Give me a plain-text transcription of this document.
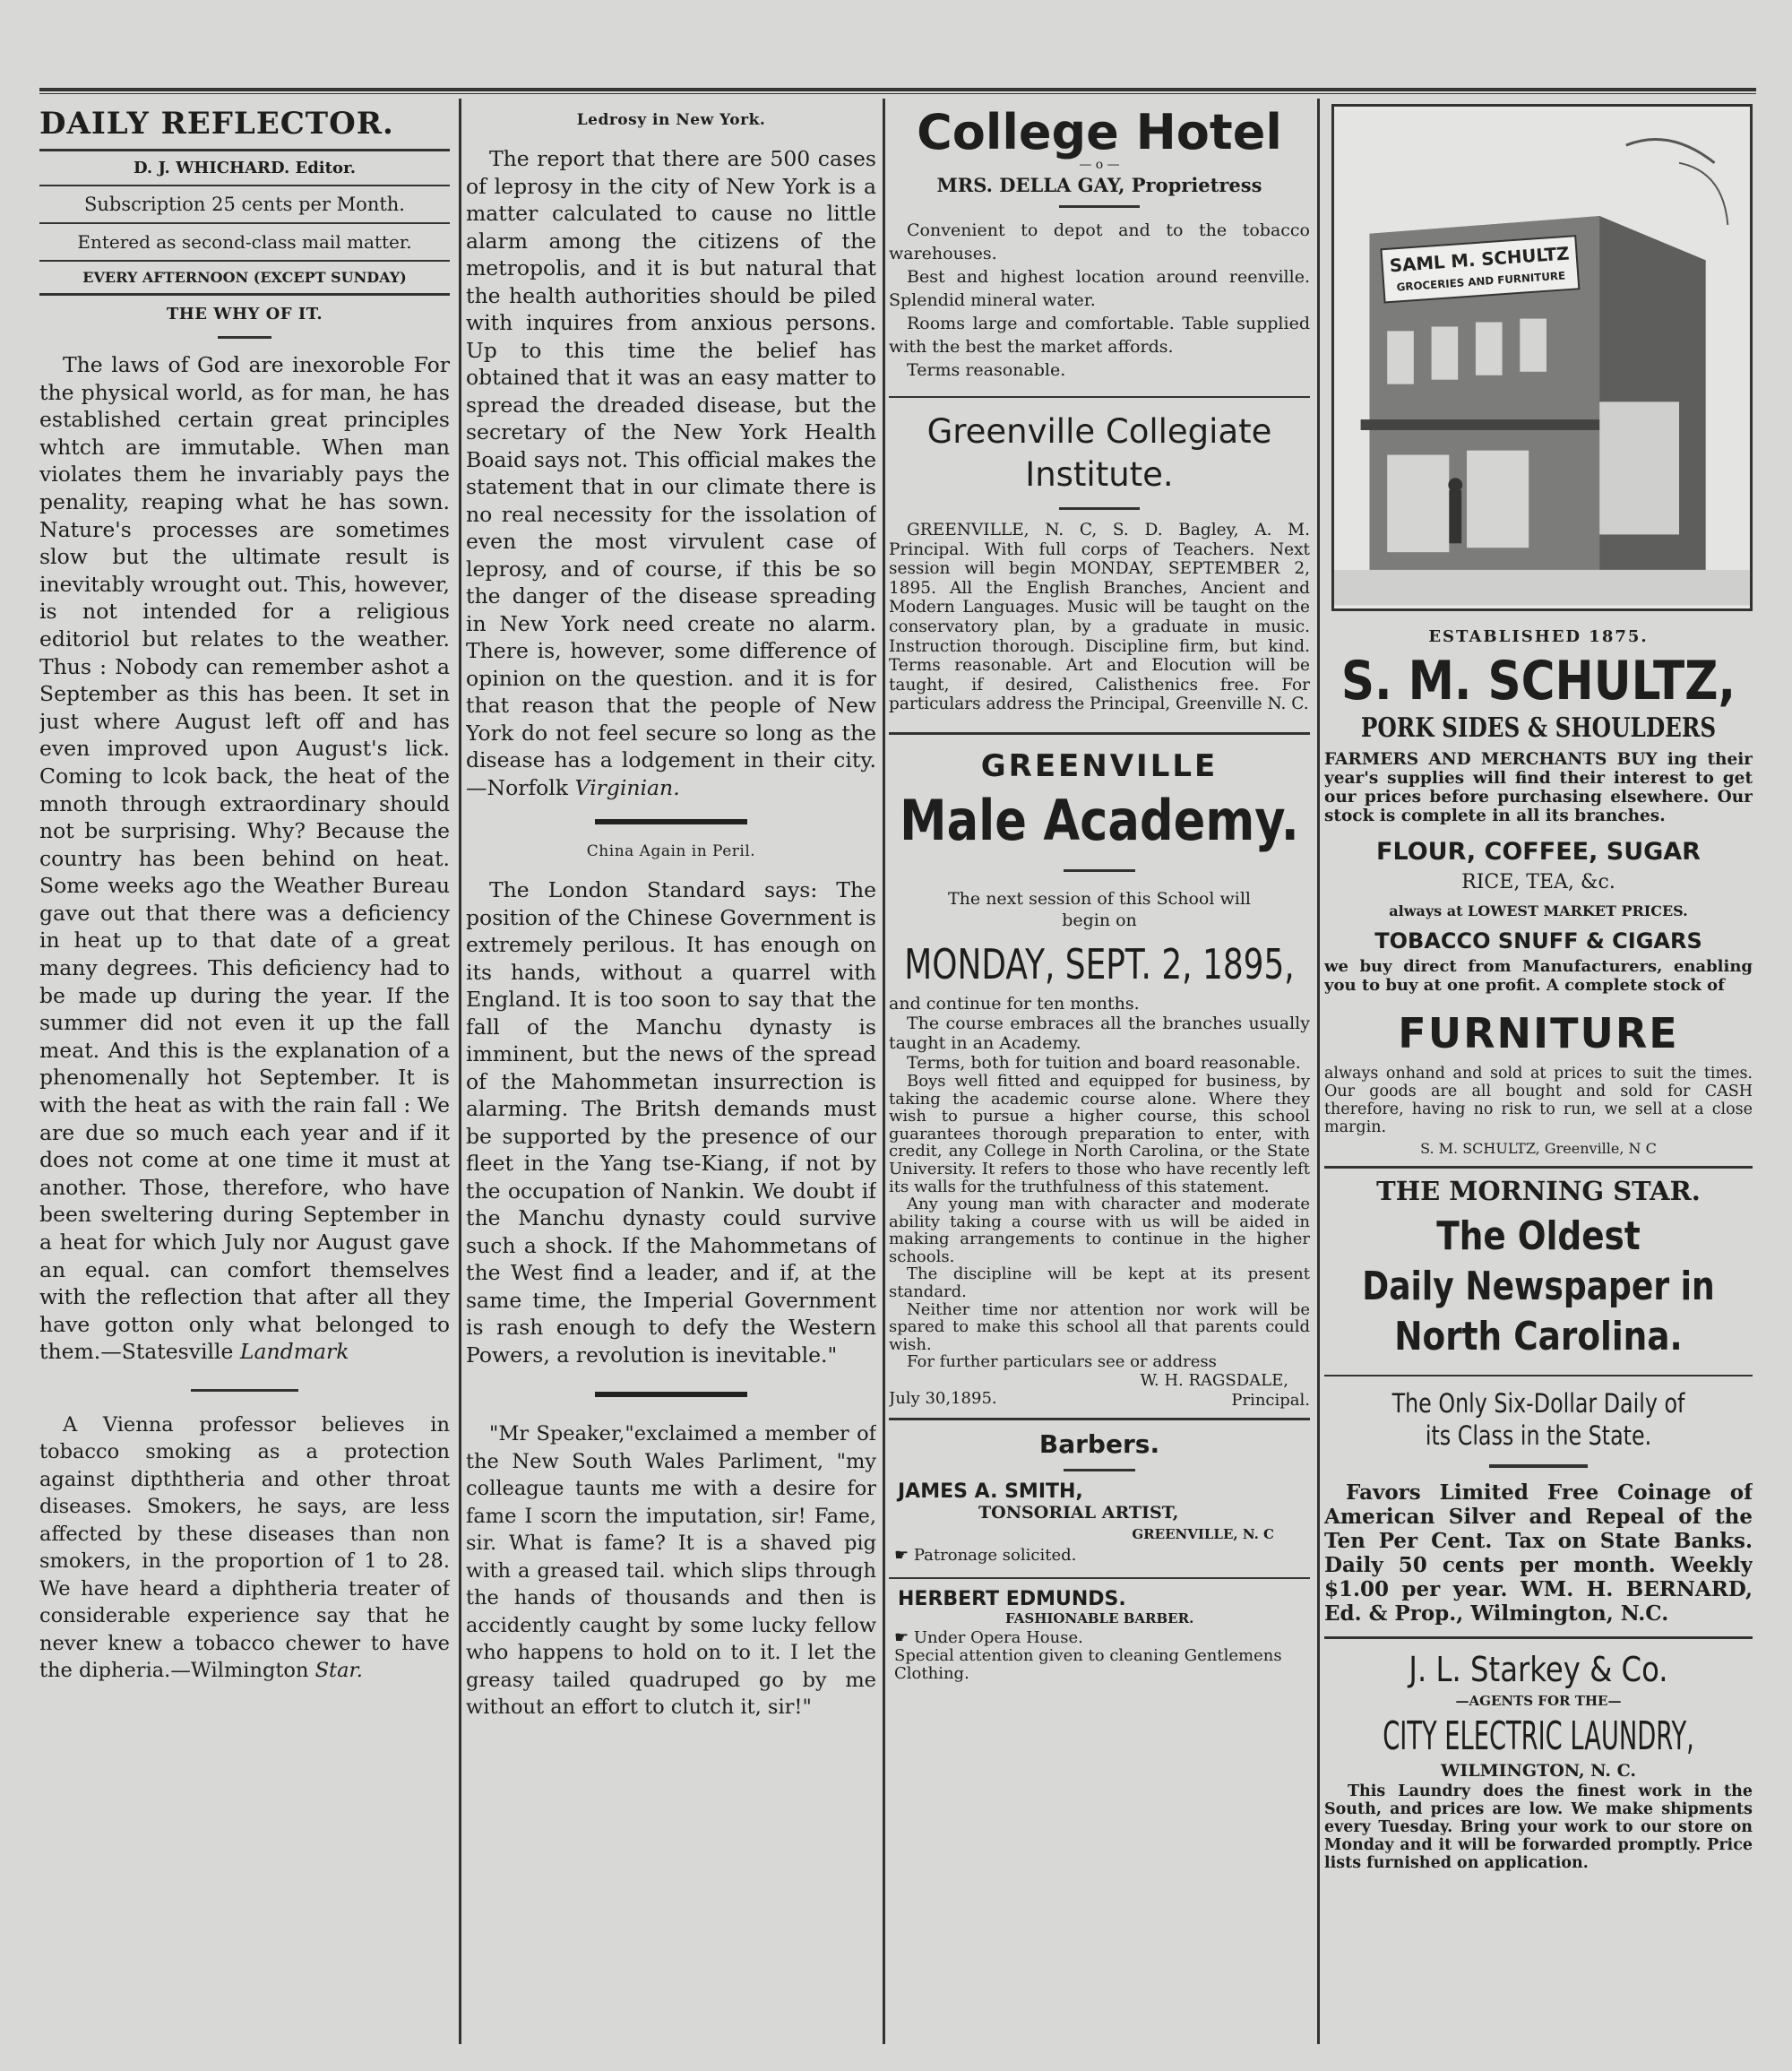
DAILY REFLECTOR.
D. J. WHICHARD. Editor.
Subscription 25 cents per Month.
Entered as second-class mail matter.
EVERY AFTERNOON (EXCEPT SUNDAY)
THE WHY OF IT.

The laws of God are inexoroble For the physical world, as for man, he has established certain great principles whtch are immutable. When man violates them he invariably pays the penality, reaping what he has sown. Nature's processes are sometimes slow but the ultimate result is inevitably wrought out. This, however, is not intended for a religious editoriol but relates to the weather. Thus : Nobody can remember ashot a September as this has been. It set in just where August left off and has even improved upon August's lick. Coming to lcok back, the heat of the mnoth through extraordinary should not be surprising. Why? Because the country has been behind on heat. Some weeks ago the Weather Bureau gave out that there was a deficiency in heat up to that date of a great many degrees. This deficiency had to be made up during the year. If the summer did not even it up the fall meat. And this is the explanation of a phenomenally hot September. It is with the heat as with the rain fall : We are due so much each year and if it does not come at one time it must at another. Those, therefore, who have been sweltering during September in a heat for which July nor August gave an equal. can comfort themselves with the reflection that after all they have gotton only what belonged to them.—Statesville Landmark

A Vienna professor believes in tobacco smoking as a protection against dipththeria and other throat diseases. Smokers, he says, are less affected by these diseases than non smokers, in the proportion of 1 to 28. We have heard a diphtheria treater of considerable experience say that he never knew a tobacco chewer to have the dipheria.—Wilmington Star.

Ledrosy in New York.

The report that there are 500 cases of leprosy in the city of New York is a matter calculated to cause no little alarm among the citizens of the metropolis, and it is but natural that the health authorities should be piled with inquires from anxious persons. Up to this time the belief has obtained that it was an easy matter to spread the dreaded disease, but the secretary of the New York Health Boaid says not. This official makes the statement that in our climate there is no real necessity for the issolation of even the most virvulent case of leprosy, and of course, if this be so the danger of the disease spreading in New York need create no alarm. There is, however, some difference of opinion on the question. and it is for that reason that the people of New York do not feel secure so long as the disease has a lodgement in their city.—Norfolk Virginian.

China Again in Peril.

The London Standard says: The position of the Chinese Government is extremely perilous. It has enough on its hands, without a quarrel with England. It is too soon to say that the fall of the Manchu dynasty is imminent, but the news of the spread of the Mahommetan insurrection is alarming. The Britsh demands must be supported by the presence of our fleet in the Yang tse-Kiang, if not by the occupation of Nankin. We doubt if the Manchu dynasty could survive such a shock. If the Mahommetans of the West find a leader, and if, at the same time, the Imperial Government is rash enough to defy the Western Powers, a revolution is inevitable."

"Mr Speaker,"exclaimed a member of the New South Wales Parliment, "my colleague taunts me with a desire for fame I scorn the imputation, sir! Fame, sir. What is fame? It is a shaved pig with a greased tail. which slips through the hands of thousands and then is accidently caught by some lucky fellow who happens to hold on to it. I let the greasy tailed quadruped go by me without an effort to clutch it, sir!"

College Hotel
— o —
MRS. DELLA GAY, Proprietress

Convenient to depot and to the tobacco warehouses.

Best and highest location around reenville. Splendid mineral water.

Rooms large and comfortable. Table supplied with the best the market affords.

Terms reasonable.

Greenville Collegiate Institute.

GREENVILLE, N. C, S. D. Bagley, A. M. Principal. With full corps of Teachers. Next session will begin MONDAY, SEPTEMBER 2, 1895. All the English Branches, Ancient and Modern Languages. Music will be taught on the conservatory plan, by a graduate in music. Instruction thorough. Discipline firm, but kind. Terms reasonable. Art and Elocution will be taught, if desired, Calisthenics free. For particulars address the Principal, Greenville N. C.

GREENVILLE
Male Academy.
The next session of this School will begin on
MONDAY, SEPT. 2, 1895,

and continue for ten months.

The course embraces all the branches usually taught in an Academy.

Terms, both for tuition and board reasonable.

Boys well fitted and equipped for business, by taking the academic course alone. Where they wish to pursue a higher course, this school guarantees thorough preparation to enter, with credit, any College in North Carolina, or the State University. It refers to those who have recently left its walls for the truthfulness of this statement.

Any young man with character and moderate ability taking a course with us will be aided in making arrangements to continue in the higher schools.

The discipline will be kept at its present standard.

Neither time nor attention nor work will be spared to make this school all that parents could wish.

For further particulars see or address

July 30,1895.
W. H. RAGSDALE,
Principal.
Barbers.
JAMES A. SMITH,
TONSORIAL ARTIST,
GREENVILLE, N. C
☛ Patronage solicited.
HERBERT EDMUNDS.
FASHIONABLE BARBER.
☛ Under Opera House.
Special attention given to cleaning Gentlemens Clothing.
SAML M. SCHULTZ
GROCERIES AND FURNITURE
ESTABLISHED 1875.
S. M. SCHULTZ,
PORK SIDES & SHOULDERS

FARMERS AND MERCHANTS BUY ing their year's supplies will find their interest to get our prices before purchasing elsewhere. Our stock is complete in all its branches.

FLOUR, COFFEE, SUGAR
RICE, TEA, &c.
always at LOWEST MARKET PRICES.
TOBACCO SNUFF & CIGARS

we buy direct from Manufacturers, enabling you to buy at one profit. A complete stock of

FURNITURE

always onhand and sold at prices to suit the times. Our goods are all bought and sold for CASH therefore, having no risk to run, we sell at a close margin.

S. M. SCHULTZ, Greenville, N C
THE MORNING STAR.
The Oldest
Daily Newspaper in
North Carolina.
The Only Six-Dollar Daily of
its Class in the State.

Favors Limited Free Coinage of American Silver and Repeal of the Ten Per Cent. Tax on State Banks. Daily 50 cents per month. Weekly $1.00 per year. WM. H. BERNARD, Ed. & Prop., Wilmington, N.C.

J. L. Starkey & Co.
—AGENTS FOR THE—
CITY ELECTRIC LAUNDRY,
WILMINGTON, N. C.

This Laundry does the finest work in the South, and prices are low. We make shipments every Tuesday. Bring your work to our store on Monday and it will be forwarded promptly. Price lists furnished on application.
